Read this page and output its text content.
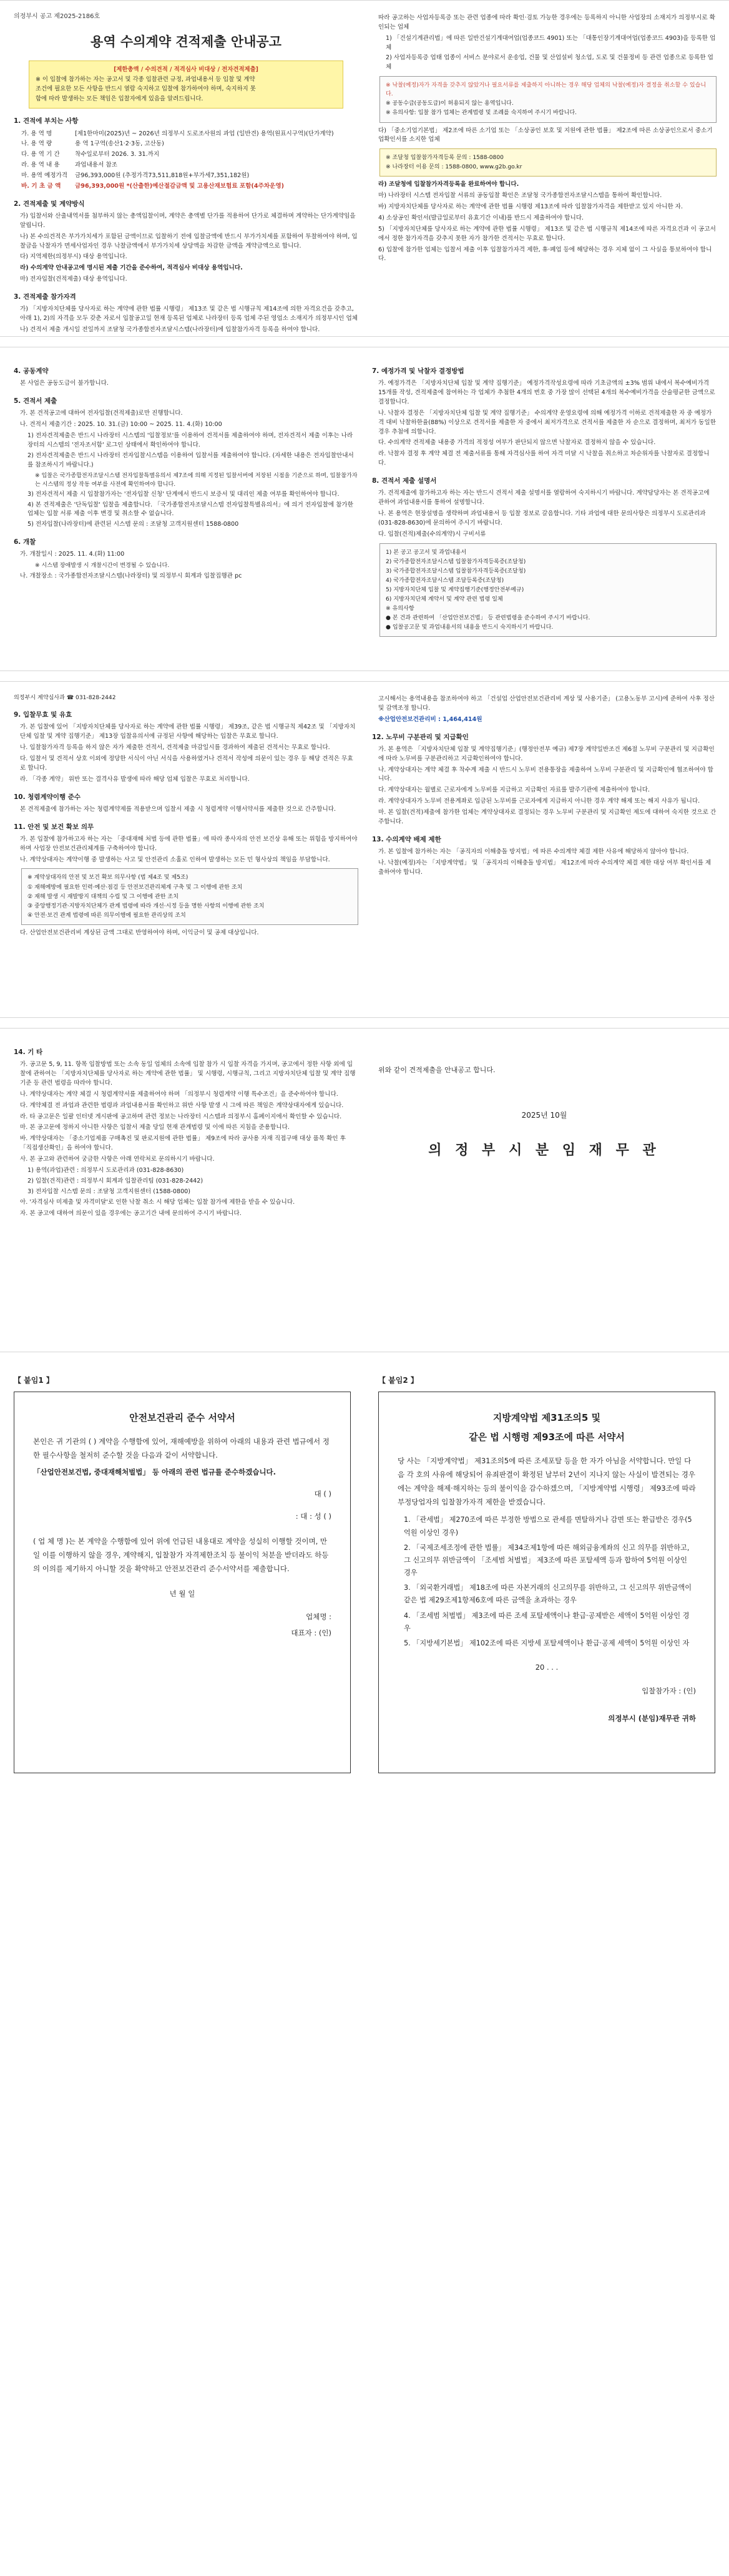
의정부시 공고 제2025-2186호
용역 수의계약 견적제출 안내공고
[제한총액 / 수의견적 / 적격심사 비대상 / 전자견적제출]
※ 이 입찰에 참가하는 자는 공고서 및 각종 입찰관련 규정, 과업내용서 등 입찰 및 계약
조건에 필요한 모든 사항을 반드시 열람 숙지하고 입찰에 참가하여야 하며, 숙지하지 못
함에 따라 발생하는 모든 책임은 입찰자에게 있음을 알려드립니다.
1. 견적에 부치는 사항
가. 용 역 명	[제1한마미(2025)년 ~ 2026년 의정부시 도로조사원의 과업 (일반견) 용역(원표시구역)(단가계약)
나. 용 역 량	용 역 1구역(송산1·2·3동, 고산동)
다. 용 역 기 간	착수일로부터 2026. 3. 31.까지
라. 용 역 내 용	과업내용서 참조
마. 용역 예정가격	금96,393,000원 (추정가격73,511,818원+부가세7,351,182원)
바. 기 초 금 액	금96,393,000원 *(산출한)예산절감금액 및 고용산재보험료 포함(4주차운영)
2. 견적제출 및 계약방식
가) 입찰서와 산출내역서를 첨부하지 않는 총액입찰이며, 계약은 총액별 단가를 적용하여 단가로 체결하며 계약하는 단가계약임을 알립니다.
나) 본 수의견적은 부가가치세가 포함된 금액이므로 입찰하기 전에 입찰금액에 반드시 부가가치세를 포함하여 투찰하여야 하며, 입찰금을 낙찰자가 면세사업자인 경우 낙찰금액에서 부가가치세 상당액을 차감한 금액을 계약금액으로 합니다.
다) 지역제한(의정부시) 대상 용역입니다.
라) 수의계약 안내공고에 명시된 제출 기간을 준수하여, 적격심사 비대상 용역입니다.
마) 전자입찰(견적제출) 대상 용역입니다.
3. 견적제출 참가자격
가) 「지방자치단체를 당사자로 하는 계약에 관한 법률 시행령」 제13조 및 같은 법 시행규칙 제14조에 의한 자격요건을 갖추고, 아래 1), 2)의 자격을 모두 갖춘 자로서 입찰공고일 현재 등록된 업체로 나라장터 등록 업체 주된 영업소 소재지가 의정부시인 업체
나) 견적서 제출 개시일 전일까지 조달청 국가종합전자조달시스템(나라장터)에 입찰참가자격 등록을 하여야 합니다.
따라 공고하는 사업자등록증 또는 관련 업종에 따라 확인·검토 가능한 경우에는 등록하지 아니한 사업장의 소재지가 의정부시로 확인되는 업체
1) 「건설기계관리법」에 따른 일반건설기계대여업(업종코드 4901) 또는 「대통인장기계대여업(업종코드 4903)을 등록한 업체
2) 사업자등록증 업태 업종이 서비스 분야로서 운송업, 건물 및 산업설비 청소업, 도로 및 건물정비 등 관련 업종으로 등록한 업체
※ 낙찰(예정)자가 자격을 갖추지 않았거나 필요서류를 제출하지 아니하는 경우 해당 업체의 낙찰(예정)자 결정을 취소할 수 있습니다.
※ 공동수급(공동도급)이 허용되지 않는 용역입니다.
※ 유의사항: 입찰 참가 업체는 관계법령 및 조례를 숙지하여 주시기 바랍니다.
다) 「중소기업기본법」 제2조에 따른 소기업 또는 「소상공인 보호 및 지원에 관한 법률」 제2조에 따른 소상공인으로서 중소기업확인서를 소지한 업체
※ 조달청 입찰참가자격등록 문의 : 1588-0800
※ 나라장터 이용 문의 : 1588-0800, www.g2b.go.kr
라) 조달청에 입찰참가자격등록을 완료하여야 합니다.
마) 나라장터 시스템 전자입찰 서류의 공동입찰 확인은 조달청 국가종합전자조달시스템을 통하여 확인합니다.
바) 지방자치단체를 당사자로 하는 계약에 관한 법률 시행령 제13조에 따라 입찰참가자격을 제한받고 있지 아니한 자.
4) 소상공인 확인서(발급일로부터 유효기간 이내)를 반드시 제출하여야 합니다.
5) 「지방자치단체를 당사자로 하는 계약에 관한 법률 시행령」 제13조 및 같은 법 시행규칙 제14조에 따른 자격요건과 이 공고서에서 정한 참가자격을 갖추지 못한 자가 참가한 견적서는 무효로 합니다.
6) 입찰에 참가한 업체는 입찰서 제출 이후 입찰참가자격 제한, 휴·폐업 등에 해당하는 경우 지체 없이 그 사실을 통보하여야 합니다.
4. 공동계약
본 사업은 공동도급이 불가합니다.
5. 견적서 제출
가. 본 견적공고에 대하여 전자입찰(견적제출)로만 진행합니다.
나. 견적서 제출기간 : 2025. 10. 31.(금) 10:00 ~ 2025. 11. 4.(화) 10:00
1) 전자견적제출은 반드시 나라장터 시스템의 '입찰정보'를 이용하여 견적서를 제출하여야 하며, 전자견적서 제출 이후는 나라장터의 시스템의 '전자조서함' 로그인 상태에서 확인하여야 합니다.
2) 전자견적제출은 반드시 나라장터 전자입찰시스템을 이용하여 입찰서를 제출하여야 합니다. (자세한 내용은 전자입찰안내서를 참조하시기 바랍니다.)
※ 입찰은 국가종합전자조달시스템 전자입찰특별유의서 제7조에 의해 지정된 입찰서버에 저장된 시점을 기준으로 하며, 입찰참가자는 시스템의 정상 작동 여부를 사전에 확인하여야 합니다.
3) 전자견적서 제출 시 입찰참가자는 '전자입찰 신청' 단계에서 반드시 보증서 및 대리인 제출 여부를 확인하여야 합니다.
4) 본 견적제출은 '단독입찰' 입찰을 제출합니다. 「국가종합전자조달시스템 전자입찰특별유의서」에 의거 전자입찰에 참가한 업체는 입찰 서류 제출 이후 변경 및 취소할 수 없습니다.
5) 전자입찰(나라장터)에 관련된 시스템 문의 : 조달청 고객지원센터 1588-0800
6. 개찰
가. 개찰일시 : 2025. 11. 4.(화) 11:00
※ 시스템 장애발생 시 개찰시간이 변경될 수 있습니다.
나. 개찰장소 : 국가종합전자조달시스템(나라장터) 및 의정부시 회계과 입찰집행관 pc
7. 예정가격 및 낙찰자 결정방법
가. 예정가격은 「지방자치단체 입찰 및 계약 집행기준」 예정가격작성요령에 따라 기초금액의 ±3% 범위 내에서 복수예비가격 15개를 작성, 견적제출에 참여하는 각 업체가 추첨한 4개의 번호 중 가장 많이 선택된 4개의 복수예비가격을 산술평균한 금액으로 결정합니다.
나. 낙찰자 결정은 「지방자치단체 입찰 및 계약 집행기준」 수의계약 운영요령에 의해 예정가격 이하로 견적제출한 자 중 예정가격 대비 낙찰하한율(88%) 이상으로 견적서를 제출한 자 중에서 최저가격으로 견적서를 제출한 자 순으로 결정하며, 최저가 동일한 경우 추첨에 의합니다.
다. 수의계약 견적제출 내용중 가격의 적정성 여부가 판단되지 않으면 낙찰자로 결정하지 않을 수 있습니다.
라. 낙찰자 결정 후 계약 체결 전 제출서류를 통해 자격심사를 하여 자격 미달 시 낙찰을 취소하고 차순위자를 낙찰자로 결정합니다.
8. 견적서 제출 설명서
가. 견적제출에 참가하고자 하는 자는 반드시 견적서 제출 설명서를 열람하여 숙지하시기 바랍니다. 계약담당자는 본 견적공고에 관하여 과업내용서를 통하여 설명합니다.
나. 본 용역은 현장설명을 생략하며 과업내용서 등 입찰 정보로 갈음합니다. 기타 과업에 대한 문의사항은 의정부시 도로관리과(031-828-8630)에 문의하여 주시기 바랍니다.
다. 입찰(견적)제출(수의계약)시 구비서류
1) 본 공고 공고서 및 과업내용서
2) 국가종합전자조달시스템 입찰참가자격등록증(조달청)
3) 국가종합전자조달시스템 입찰참가자격등록증(조달청)
4) 국가종합전자조달시스템 조달등록증(조달청)
5) 지방자치단체 입찰 및 계약집행기준(행정안전부예규)
6) 지방자치단체 계약서 및 계약 관련 법령 일체
※ 유의사항
● 본 건과 관련하여 「산업안전보건법」 등 관련법령을 준수하여 주시기 바랍니다.
● 입찰공고문 및 과업내용서의 내용을 반드시 숙지하시기 바랍니다.
의정부시 계약심사과 ☎ 031-828-2442
9. 입찰무효 및 유효
가. 본 입찰에 있어 「지방자치단체를 당사자로 하는 계약에 관한 법률 시행령」 제39조, 같은 법 시행규칙 제42조 및 「지방자치단체 입찰 및 계약 집행기준」 제13장 입찰유의서에 규정된 사항에 해당하는 입찰은 무효로 합니다.
나. 입찰참가자격 등록을 하지 않은 자가 제출한 견적서, 견적제출 마감일시를 경과하여 제출된 견적서는 무효로 합니다.
다. 입찰서 및 견적서 상호 이외에 정당한 서식이 아닌 서식을 사용하였거나 견적서 작성에 의문이 있는 경우 등 해당 견적은 무효로 합니다.
라. 「각종 계약」 위반 또는 결격사유 발생에 따라 해당 업체 입찰은 무효로 처리합니다.
10. 청렴계약이행 준수
본 견적제출에 참가하는 자는 청렴계약제를 적용받으며 입찰서 제출 시 청렴계약 이행서약서를 제출한 것으로 간주합니다.
11. 안전 및 보건 확보 의무
가. 본 입찰에 참가하고자 하는 자는 「중대재해 처벌 등에 관한 법률」에 따라 종사자의 안전 보건상 유해 또는 위험을 방지하여야 하며 사업장 안전보건관리체계를 구축하여야 합니다.
나. 계약상대자는 계약이행 중 발생하는 사고 및 안전관리 소홀로 인하여 발생하는 모든 민 형사상의 책임을 부담합니다.
※ 계약상대자의 안전 및 보건 확보 의무사항 (법 제4조 및 제5조)
① 재해예방에 필요한 인력·예산·점검 등 안전보건관리체계 구축 및 그 이행에 관한 조치
② 재해 발생 시 재발방지 대책의 수립 및 그 이행에 관한 조치
③ 중앙행정기관·지방자치단체가 관계 법령에 따라 개선·시정 등을 명한 사항의 이행에 관한 조치
④ 안전·보건 관계 법령에 따른 의무이행에 필요한 관리상의 조치
다. 산업안전보건관리비 계상된 금액 그대로 반영하여야 하며, 이익금이 및 공제 대상입니다.
고시해서는 용역내용을 참조하여야 하고 「건설업 산업안전보건관리비 계상 및 사용기준」 (고용노동부 고시)에 준하여 사후 정산 및 감액조정 합니다.
※산업안전보건관리비 : 1,464,414원
12. 노무비 구분관리 및 지급확인
가. 본 용역은 「지방자치단체 입찰 및 계약집행기준」(행정안전부 예규) 제7장 계약일반조건 제6절 노무비 구분관리 및 지급확인에 따라 노무비를 구분관리하고 지급확인하여야 합니다.
나. 계약상대자는 계약 체결 후 착수계 제출 시 반드시 노무비 전용통장을 제출하여 노무비 구분관리 및 지급확인에 협조하여야 합니다.
다. 계약상대자는 월별로 근로자에게 노무비를 지급하고 지급확인 자료를 발주기관에 제출하여야 합니다.
라. 계약상대자가 노무비 전용계좌로 입금된 노무비를 근로자에게 지급하지 아니한 경우 계약 해제 또는 해지 사유가 됩니다.
마. 본 입찰(견적)제출에 참가한 업체는 계약상대자로 결정되는 경우 노무비 구분관리 및 지급확인 제도에 대하여 숙지한 것으로 간주합니다.
13. 수의계약 배제 제한
가. 본 입찰에 참가하는 자는 「공직자의 이해충돌 방지법」에 따른 수의계약 체결 제한 사유에 해당하지 않아야 합니다.
나. 낙찰(예정)자는 「지방계약법」 및 「공직자의 이해충돌 방지법」 제12조에 따라 수의계약 체결 제한 대상 여부 확인서를 제출하여야 합니다.
14. 기 타
가. 공고문 5, 9, 11. 항목 입찰방법 또는 소속 동일 업체의 소속에 입찰 참가 시 입찰 자격을 가지며, 공고에서 정한 사항 외에 입찰에 관하여는 「지방자치단체를 당사자로 하는 계약에 관한 법률」 및 시행령, 시행규칙, 그리고 지방자치단체 입찰 및 계약 집행기준 등 관련 법령을 따라야 합니다.
나. 계약상대자는 계약 체결 시 청렴계약서를 제출하여야 하며 「의정부시 청렴계약 이행 특수조건」을 준수하여야 합니다.
다. 계약체결 전 과업과 관련한 법령과 과업내용서를 확인하고 위반 사항 발생 시 그에 따른 책임은 계약상대자에게 있습니다.
라. 타 공고문은 일괄 인터넷 게시판에 공고하며 관련 정보는 나라장터 시스템과 의정부시 홈페이지에서 확인할 수 있습니다.
마. 본 공고문에 정하지 아니한 사항은 입찰서 제출 당일 현재 관계법령 및 이에 따른 지침을 준용합니다.
바. 계약상대자는 「중소기업제품 구매촉진 및 판로지원에 관한 법률」 제9조에 따라 공사용 자재 직접구매 대상 품목 확인 후 「직접생산확인」을 하여야 합니다.
사. 본 공고와 관련하여 궁금한 사항은 아래 연락처로 문의하시기 바랍니다.
1) 용역(과업)관련 : 의정부시 도로관리과 (031-828-8630)
2) 입찰(견적)관련 : 의정부시 회계과 입찰관리팀 (031-828-2442)
3) 전자입찰 시스템 문의 : 조달청 고객지원센터 (1588-0800)
아. '자격심사 미제출 및 자격미달'로 인한 낙찰 취소 시 해당 업체는 입찰 참가에 제한을 받을 수 있습니다.
자. 본 공고에 대하여 의문이 있을 경우에는 공고기간 내에 문의하여 주시기 바랍니다.
위와 같이 견적제출을 안내공고 합니다.
2025년 10월
의 정 부 시 분 임 재 무 관
【 붙임1 】
안전보건관리 준수 서약서
본인은 귀 기관의 ( ) 계약을 수행함에 있어, 재해예방을 위하여 아래의 내용과 관련 법규에서 정한 필수사항을 철저히 준수할 것을 다음과 같이 서약합니다.
「산업안전보건법, 중대재해처벌법」 등 아래의 관련 법규를 준수하겠습니다.
대 ( )
: 대 : 성 ( )
( 업 체 명 )는 본 계약을 수행함에 있어 위에 언급된 내용대로 계약을 성실히 이행할 것이며, 만일 이를 이행하지 않을 경우, 계약해지, 입찰참가 자격제한조치 등 불이익 처분을 받더라도 하등의 이의를 제기하지 아니할 것을 확약하고 안전보건관리 준수서약서를 제출합니다.
년 월 일
업체명 :
대표자 : (인)
【 붙임2 】
지방계약법 제31조의5 및
같은 법 시행령 제93조에 따른 서약서
당 사는 「지방계약법」 제31조의5에 따른 조세포탈 등을 한 자가 아님을 서약합니다. 만일 다음 각 호의 사유에 해당되어 유죄판결이 확정된 날부터 2년이 지나지 않는 사실이 발견되는 경우에는 계약을 해제·해지하는 등의 불이익을 감수하겠으며, 「지방계약법 시행령」 제93조에 따라 부정당업자의 입찰참가자격 제한을 받겠습니다.
1. 「관세법」 제270조에 따른 부정한 방법으로 관세를 면탈하거나 감면 또는 환급받은 경우(5억원 이상인 경우)
2. 「국제조세조정에 관한 법률」 제34조제1항에 따른 해외금융계좌의 신고 의무를 위반하고, 그 신고의무 위반금액이 「조세범 처벌법」 제3조에 따른 포탈세액 등과 합하여 5억원 이상인 경우
3. 「외국환거래법」 제18조에 따른 자본거래의 신고의무를 위반하고, 그 신고의무 위반금액이 같은 법 제29조제1항제6호에 따른 금액을 초과하는 경우
4. 「조세범 처벌법」 제3조에 따른 조세 포탈세액이나 환급·공제받은 세액이 5억원 이상인 경우
5. 「지방세기본법」 제102조에 따른 지방세 포탈세액이나 환급·공제 세액이 5억원 이상인 자
20 . . .
입찰참가자 : (인)
의정부시 (분임)재무관 귀하
